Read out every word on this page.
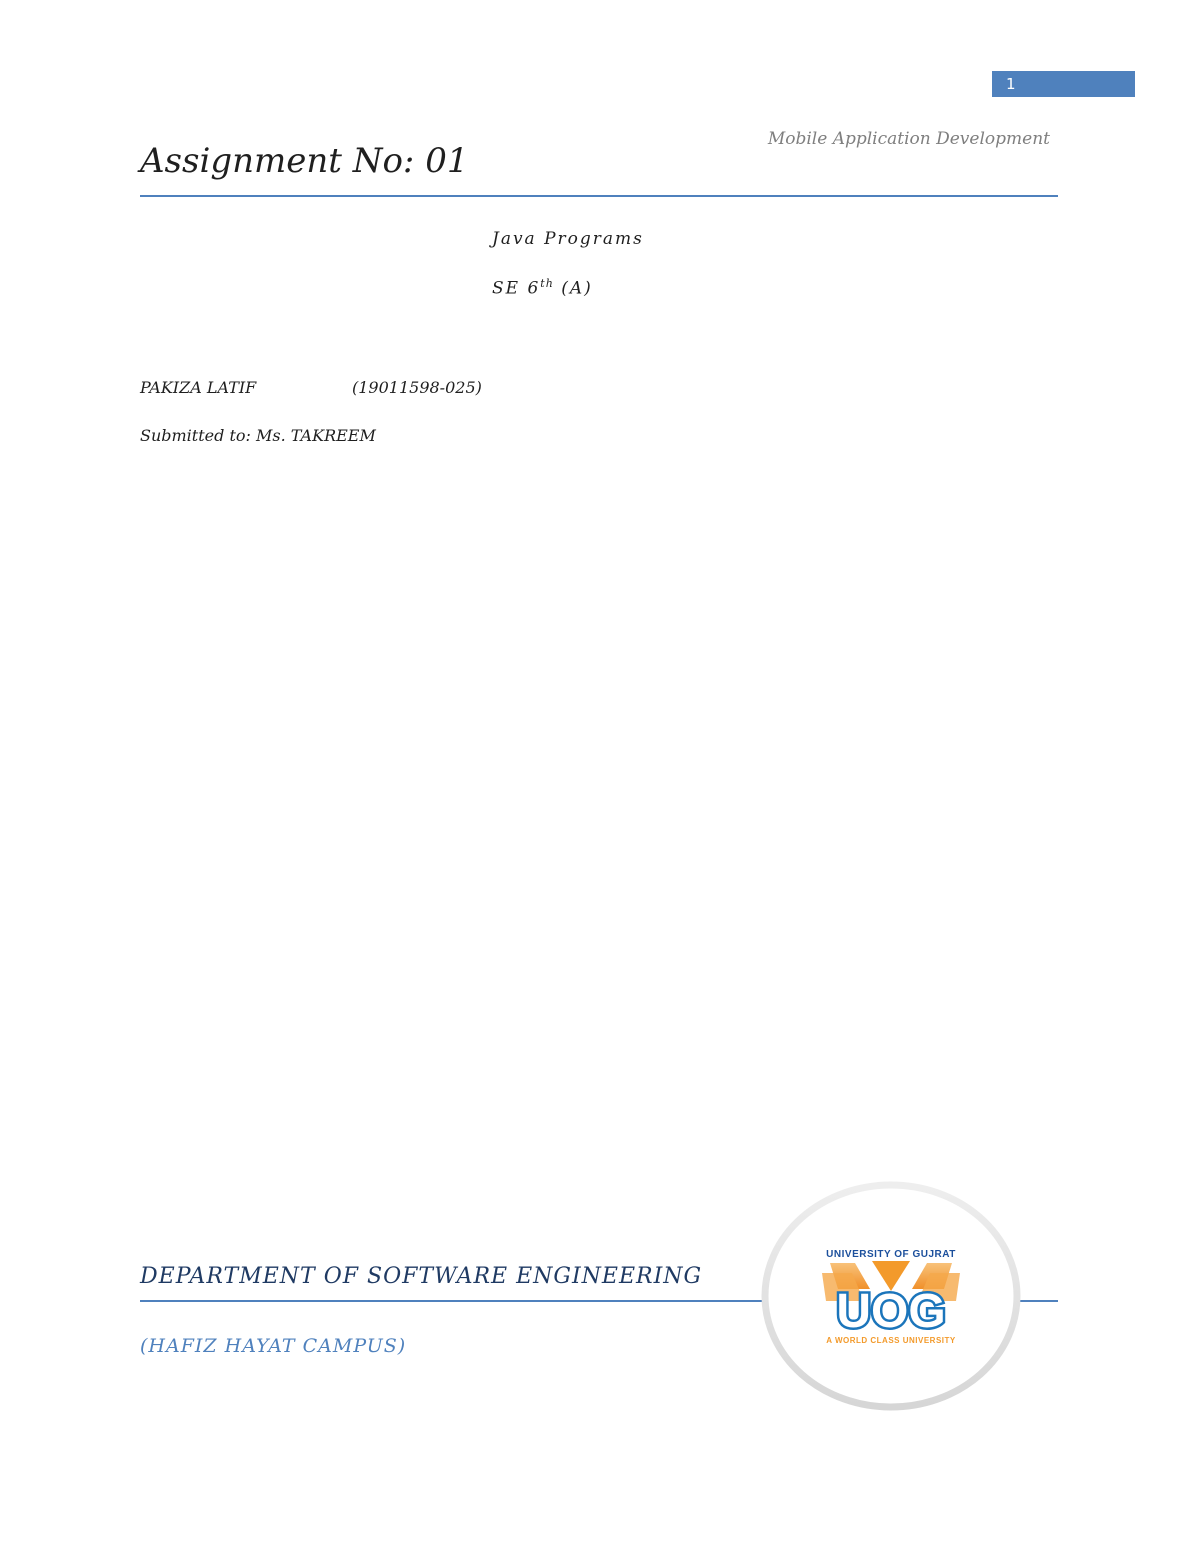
1
Mobile Application Development
Assignment No: 01
Java Programs
SE 6th (A)
PAKIZA LATIF	(19011598-025)
Submitted to: Ms. TAKREEM
DEPARTMENT OF SOFTWARE ENGINEERING
(HAFIZ HAYAT CAMPUS)
UNIVERSITY OF GUJRAT
UOG
A WORLD CLASS UNIVERSITY
